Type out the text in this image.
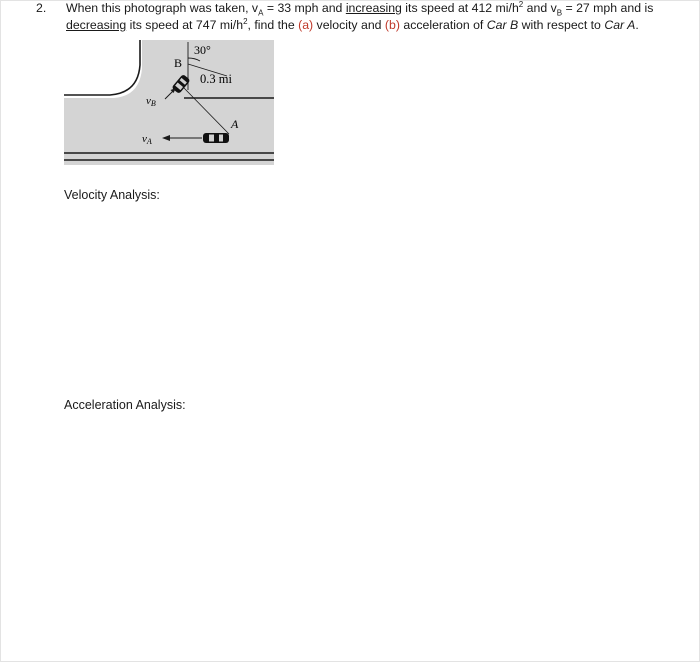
2. When this photograph was taken, $v_A = 33$ mph and increasing its speed at 412 $mi/h^2$ and $v_B = 27$ mph and is
decreasing its speed at 747 $mi/h^2$, find the (a) velocity and (b) acceleration of Car B with respect to Car A.
30°
0.3 mi
B
vB
A
vA
Velocity Analysis:
Acceleration Analysis:
